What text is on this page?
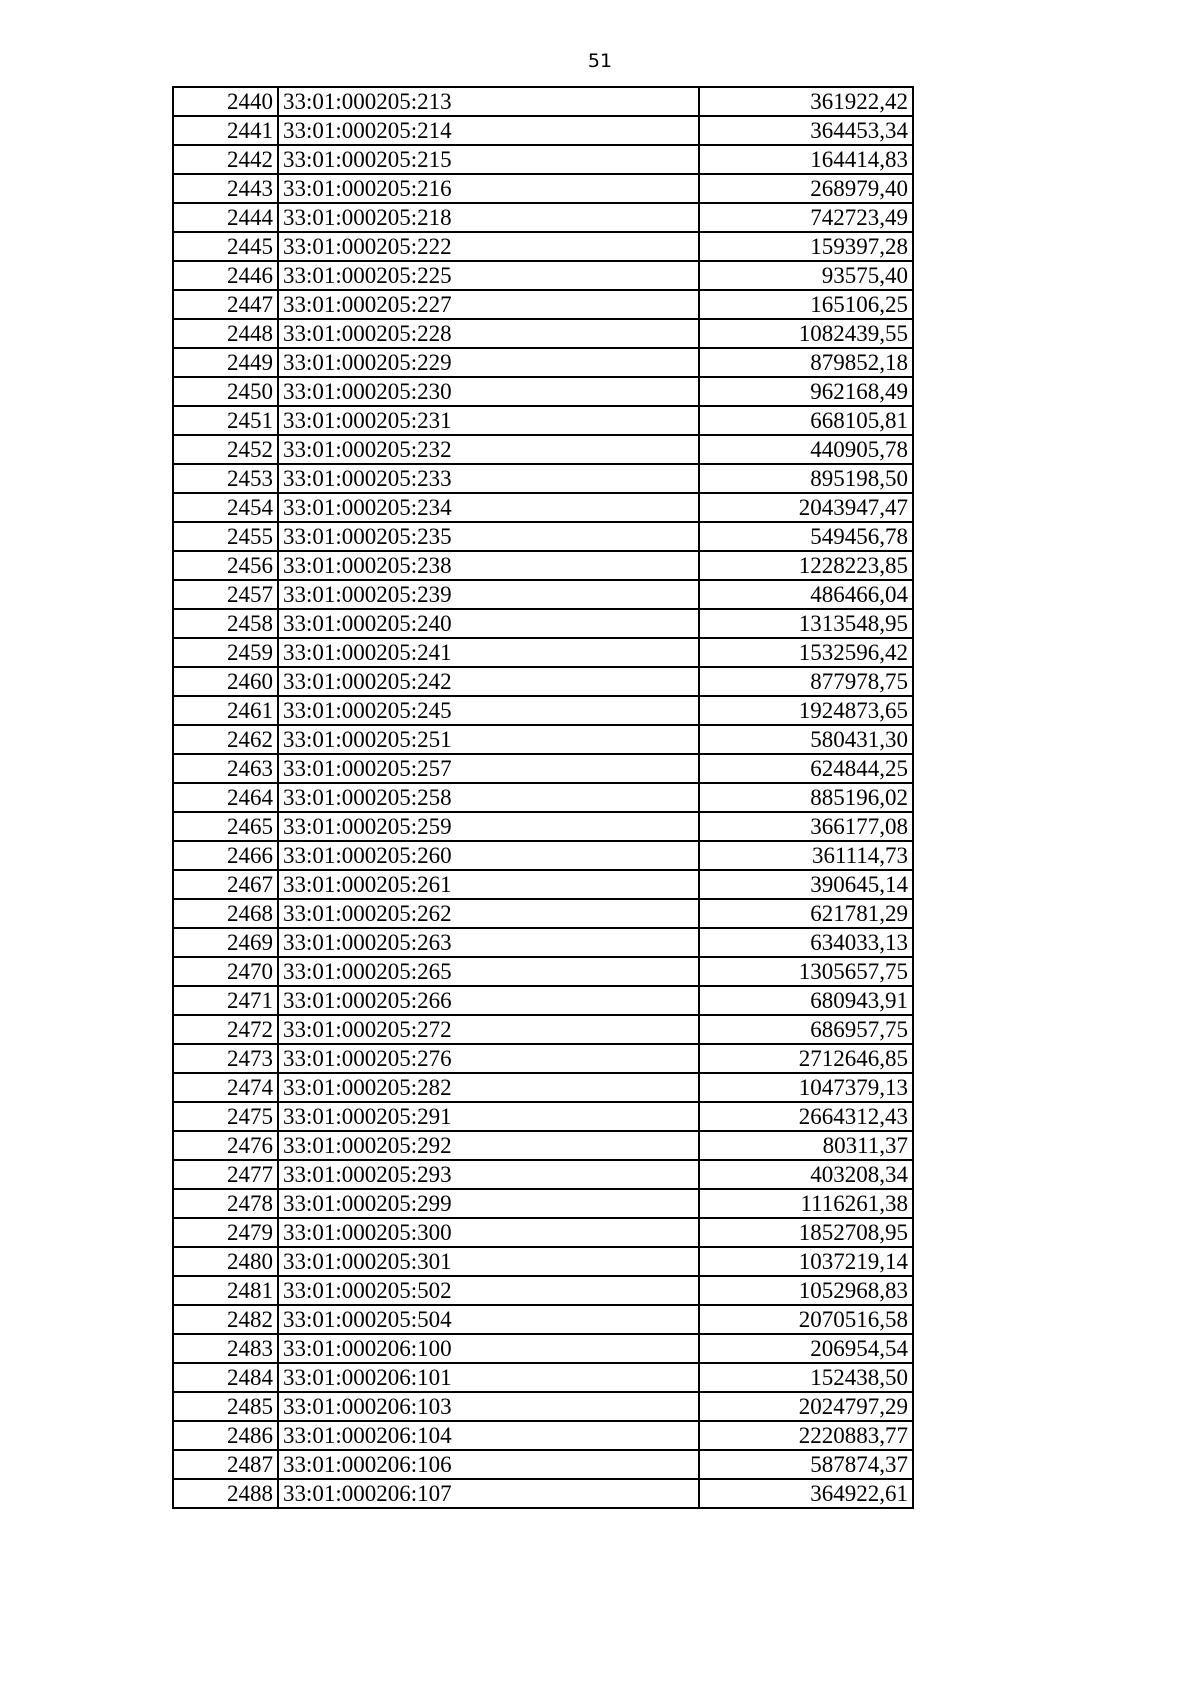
51
2440	33:01:000205:213	361922,42
2441	33:01:000205:214	364453,34
2442	33:01:000205:215	164414,83
2443	33:01:000205:216	268979,40
2444	33:01:000205:218	742723,49
2445	33:01:000205:222	159397,28
2446	33:01:000205:225	93575,40
2447	33:01:000205:227	165106,25
2448	33:01:000205:228	1082439,55
2449	33:01:000205:229	879852,18
2450	33:01:000205:230	962168,49
2451	33:01:000205:231	668105,81
2452	33:01:000205:232	440905,78
2453	33:01:000205:233	895198,50
2454	33:01:000205:234	2043947,47
2455	33:01:000205:235	549456,78
2456	33:01:000205:238	1228223,85
2457	33:01:000205:239	486466,04
2458	33:01:000205:240	1313548,95
2459	33:01:000205:241	1532596,42
2460	33:01:000205:242	877978,75
2461	33:01:000205:245	1924873,65
2462	33:01:000205:251	580431,30
2463	33:01:000205:257	624844,25
2464	33:01:000205:258	885196,02
2465	33:01:000205:259	366177,08
2466	33:01:000205:260	361114,73
2467	33:01:000205:261	390645,14
2468	33:01:000205:262	621781,29
2469	33:01:000205:263	634033,13
2470	33:01:000205:265	1305657,75
2471	33:01:000205:266	680943,91
2472	33:01:000205:272	686957,75
2473	33:01:000205:276	2712646,85
2474	33:01:000205:282	1047379,13
2475	33:01:000205:291	2664312,43
2476	33:01:000205:292	80311,37
2477	33:01:000205:293	403208,34
2478	33:01:000205:299	1116261,38
2479	33:01:000205:300	1852708,95
2480	33:01:000205:301	1037219,14
2481	33:01:000205:502	1052968,83
2482	33:01:000205:504	2070516,58
2483	33:01:000206:100	206954,54
2484	33:01:000206:101	152438,50
2485	33:01:000206:103	2024797,29
2486	33:01:000206:104	2220883,77
2487	33:01:000206:106	587874,37
2488	33:01:000206:107	364922,61
